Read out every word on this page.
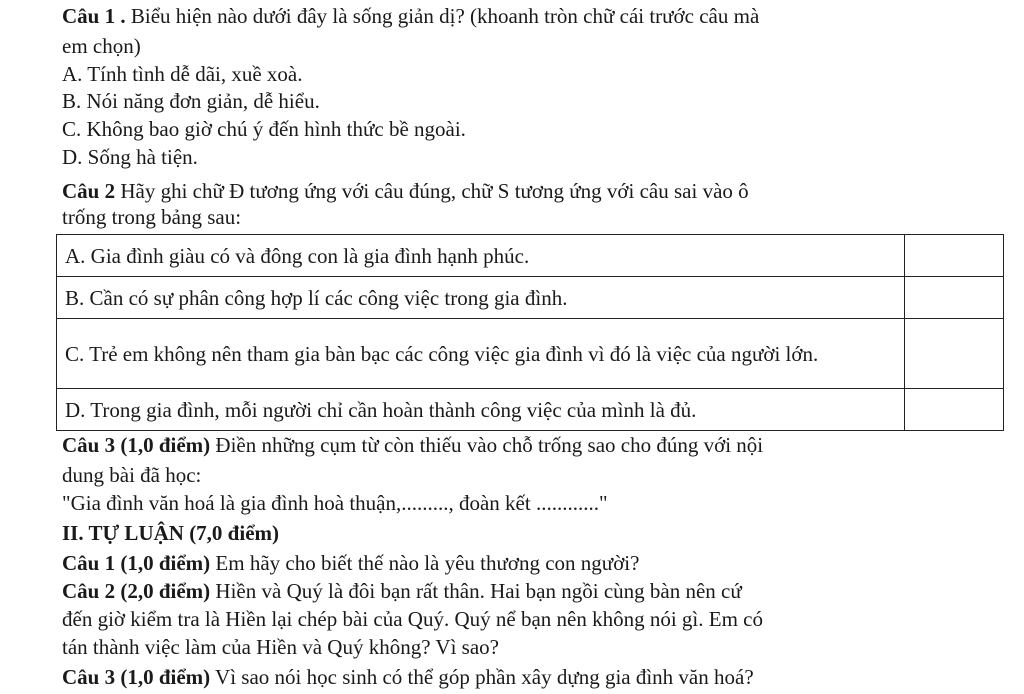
Câu 1 . Biểu hiện nào dưới đây là sống giản dị? (khoanh tròn chữ cái trước câu mà
em chọn)
A. Tính tình dễ dãi, xuề xoà.
B. Nói năng đơn giản, dễ hiểu.
C. Không bao giờ chú ý đến hình thức bề ngoài.
D. Sống hà tiện.
Câu 2 Hãy ghi chữ Đ tương ứng với câu đúng, chữ S tương ứng với câu sai vào ô
trống trong bảng sau:
A. Gia đình giàu có và đông con là gia đình hạnh phúc.	
B. Cần có sự phân công hợp lí các công việc trong gia đình.	
C. Trẻ em không nên tham gia bàn bạc các công việc gia đình vì đó là việc của người lớn.	
D. Trong gia đình, mỗi người chỉ cần hoàn thành công việc của mình là đủ.	
Câu 3 (1,0 điểm) Điền những cụm từ còn thiếu vào chỗ trống sao cho đúng với nội
dung bài đã học:
"Gia đình văn hoá là gia đình hoà thuận,........., đoàn kết ............"
II. TỰ LUẬN (7,0 điểm)
Câu 1 (1,0 điểm) Em hãy cho biết thế nào là yêu thương con người?
Câu 2 (2,0 điểm) Hiền và Quý là đôi bạn rất thân. Hai bạn ngồi cùng bàn nên cứ
đến giờ kiểm tra là Hiền lại chép bài của Quý. Quý nể bạn nên không nói gì. Em có
tán thành việc làm của Hiền và Quý không? Vì sao?
Câu 3 (1,0 điểm) Vì sao nói học sinh có thể góp phần xây dựng gia đình văn hoá?
